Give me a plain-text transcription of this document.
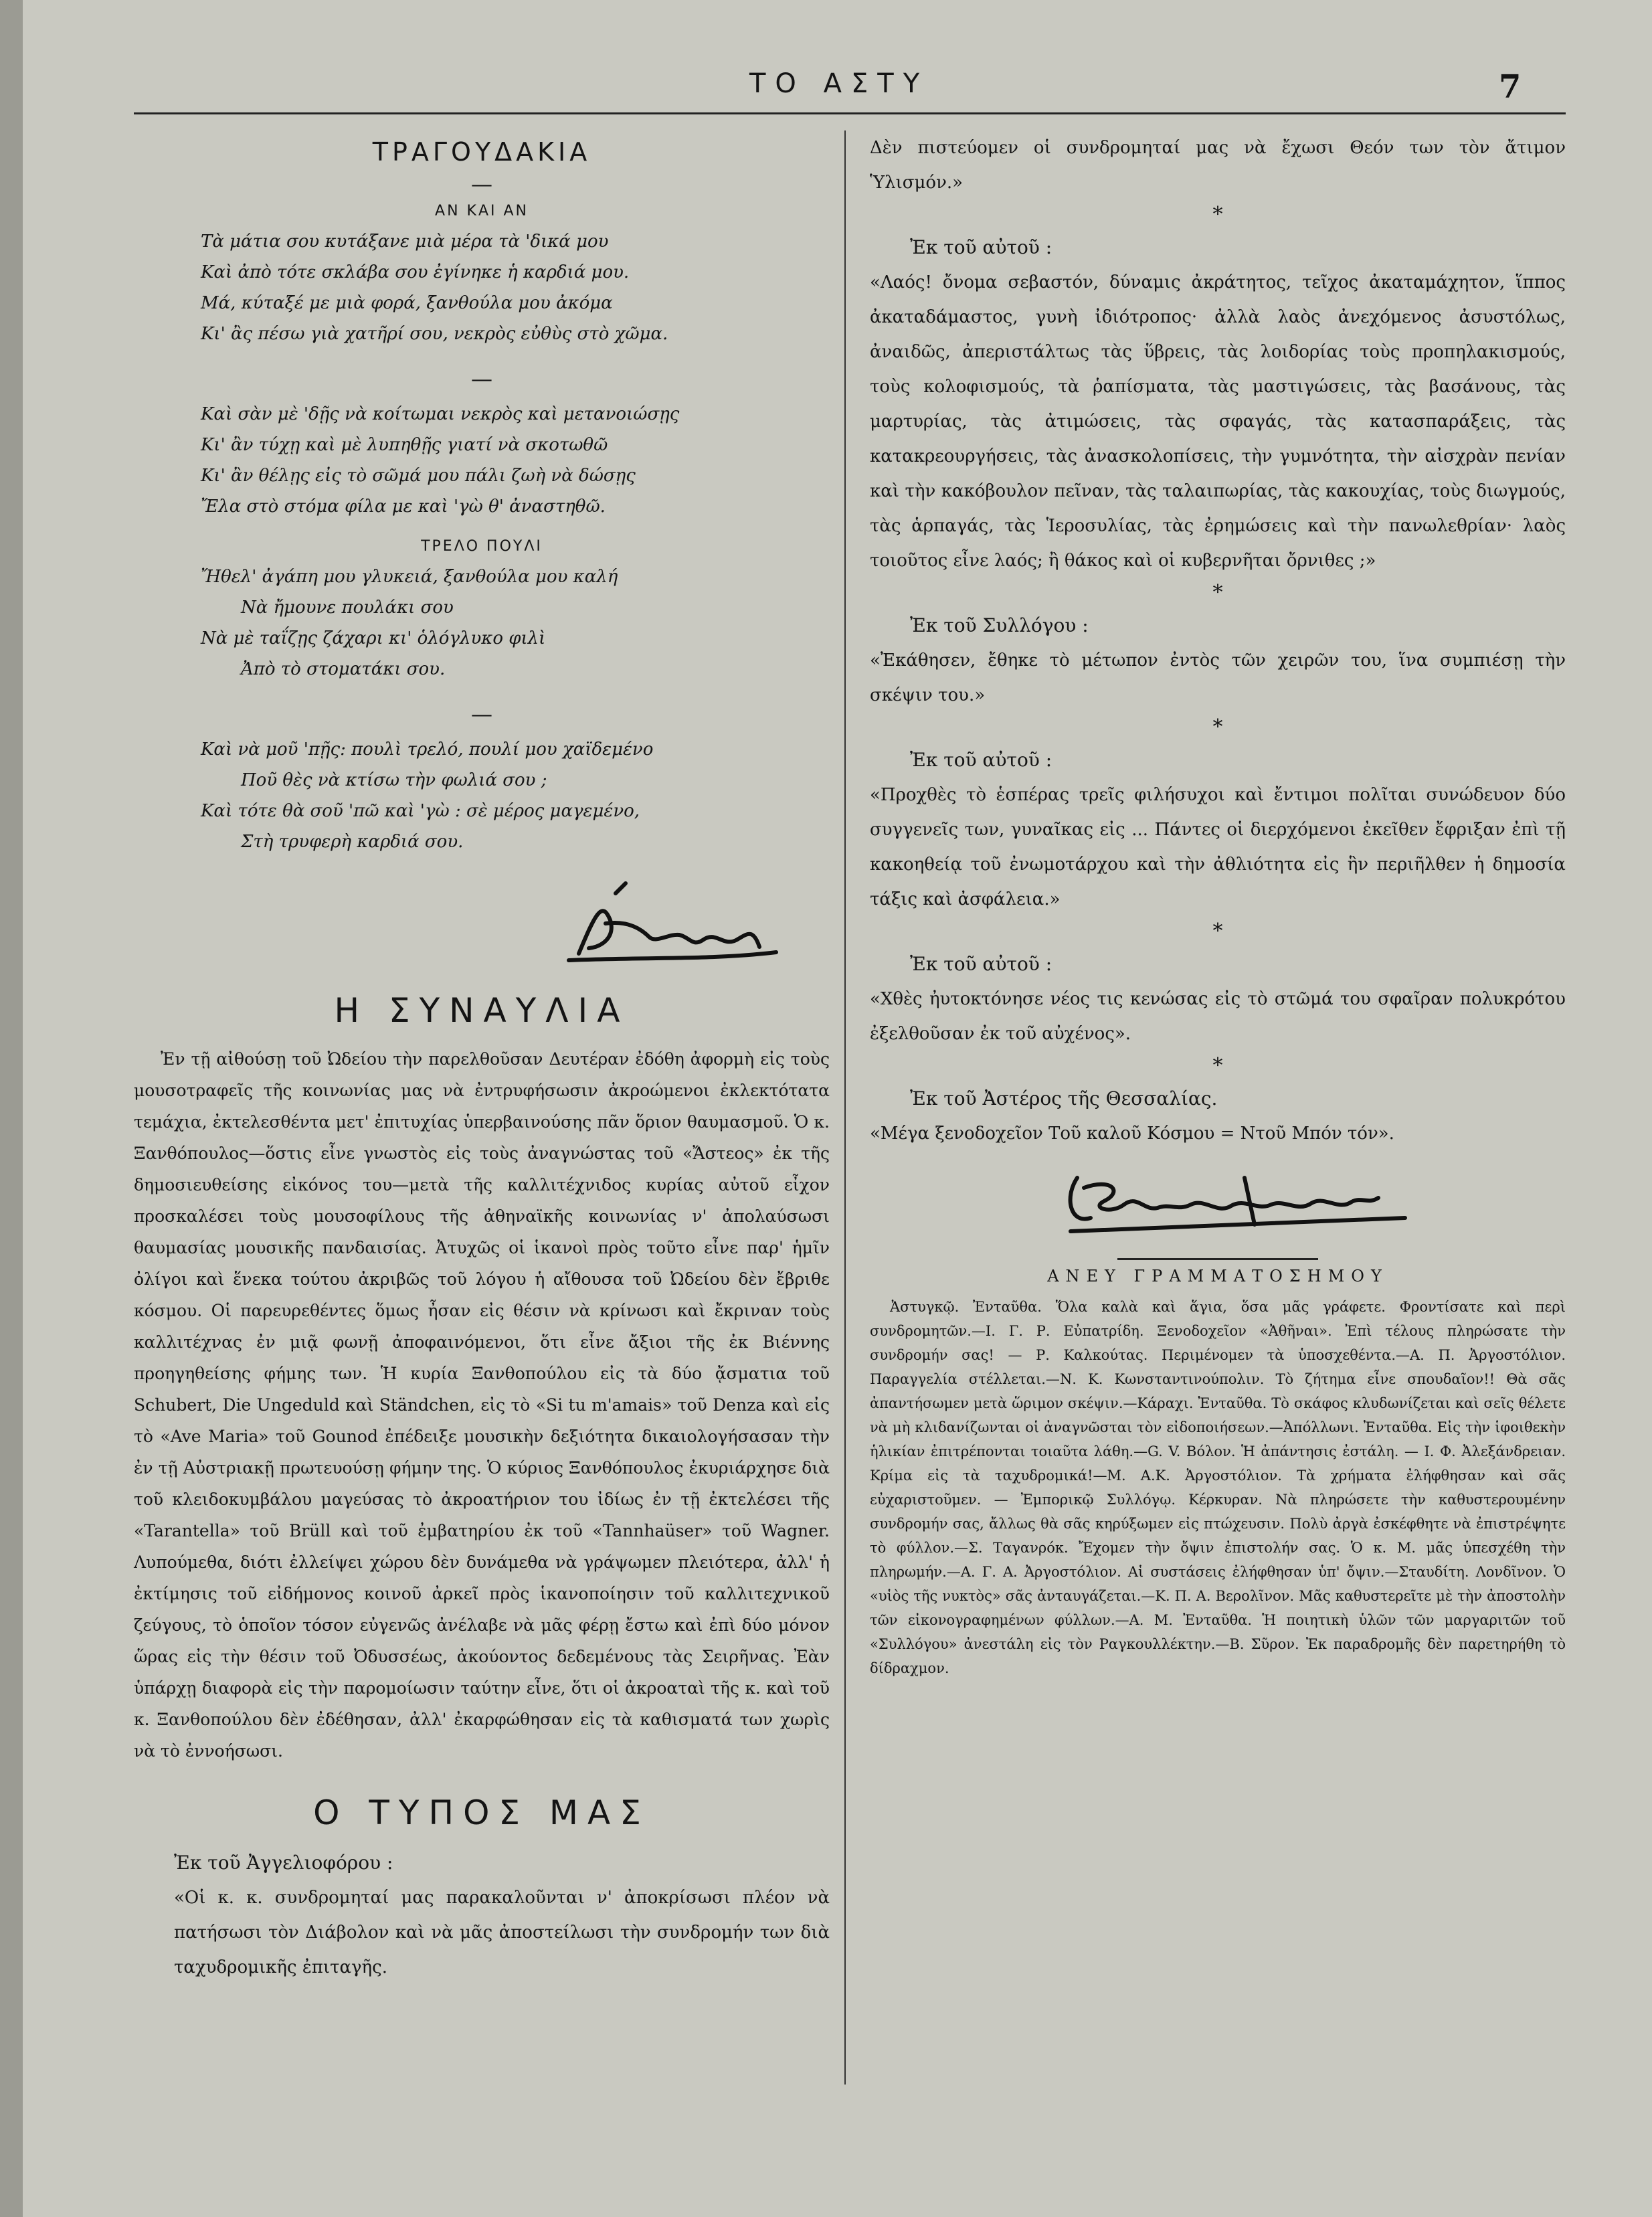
ΤΟ ΑΣΤΥ	7
ΤΡΑΓΟΥΔΑΚΙΑ
—
ΑΝ ΚΑΙ ΑΝ
Τὰ μάτια σου κυτάξανε μιὰ μέρα τὰ 'δικά μου
Καὶ ἀπὸ τότε σκλάβα σου ἐγίνηκε ἡ καρδιά μου.
Μά, κύταξέ με μιὰ φορά, ξανθούλα μου ἀκόμα
Κι' ἂς πέσω γιὰ χατῆρί σου, νεκρὸς εὐθὺς στὸ χῶμα.
—
Καὶ σὰν μὲ 'δῇς νὰ κοίτωμαι νεκρὸς καὶ μετανοιώσῃς
Κι' ἂν τύχῃ καὶ μὲ λυπηθῇς γιατί νὰ σκοτωθῶ
Κι' ἂν θέλῃς εἰς τὸ σῶμά μου πάλι ζωὴ νὰ δώσῃς
Ἔλα στὸ στόμα φίλα με καὶ 'γὼ θ' ἀναστηθῶ.
ΤΡΕΛΟ ΠΟΥΛΙ
Ἤθελ' ἀγάπη μου γλυκειά, ξανθούλα μου καλή
Νὰ ἤμουνε πουλάκι σου
Νὰ μὲ ταΐζῃς ζάχαρι κι' ὁλόγλυκο φιλὶ
Ἀπὸ τὸ στοματάκι σου.
—
Καὶ νὰ μοῦ 'πῇς: πουλὶ τρελό, πουλί μου χαϊδεμένο
Ποῦ θὲς νὰ κτίσω τὴν φωλιά σου ;
Καὶ τότε θὰ σοῦ 'πῶ καὶ 'γὼ : σὲ μέρος μαγεμένο,
Στὴ τρυφερὴ καρδιά σου.
Η ΣΥΝΑΥΛΙΑ

Ἐν τῇ αἰθούσῃ τοῦ Ὠδείου τὴν παρελθοῦσαν Δευτέραν ἐδόθη ἀφορμὴ εἰς τοὺς μουσοτραφεῖς τῆς κοινωνίας μας νὰ ἐντρυφήσωσιν ἀκροώμενοι ἐκλεκτότατα τεμάχια, ἐκτελεσθέντα μετ' ἐπιτυχίας ὑπερβαινούσης πᾶν ὅριον θαυμασμοῦ. Ὁ κ. Ξανθόπουλος—ὅστις εἶνε γνωστὸς εἰς τοὺς ἀναγνώστας τοῦ «Ἄστεος» ἐκ τῆς δημοσιευθείσης εἰκόνος του—μετὰ τῆς καλλιτέχνιδος κυρίας αὐτοῦ εἶχον προσκαλέσει τοὺς μουσοφίλους τῆς ἀθηναϊκῆς κοινωνίας ν' ἀπολαύσωσι θαυμασίας μουσικῆς πανδαισίας. Ἀτυχῶς οἱ ἱκανοὶ πρὸς τοῦτο εἶνε παρ' ἡμῖν ὀλίγοι καὶ ἕνεκα τούτου ἀκριβῶς τοῦ λόγου ἡ αἴθουσα τοῦ Ὠδείου δὲν ἔβριθε κόσμου. Οἱ παρευρεθέντες ὅμως ἦσαν εἰς θέσιν νὰ κρίνωσι καὶ ἔκριναν τοὺς καλλιτέχνας ἐν μιᾷ φωνῇ ἀποφαινόμενοι, ὅτι εἶνε ἄξιοι τῆς ἐκ Βιέννης προηγηθείσης φήμης των. Ἡ κυρία Ξανθοπούλου εἰς τὰ δύο ᾄσματια τοῦ Schubert, Die Ungeduld καὶ Ständchen, εἰς τὸ «Si tu m'amais» τοῦ Denza καὶ εἰς τὸ «Ave Maria» τοῦ Gounod ἐπέδειξε μουσικὴν δεξιότητα δικαιολογήσασαν τὴν ἐν τῇ Αὐστριακῇ πρωτευούσῃ φήμην της. Ὁ κύριος Ξανθόπουλος ἐκυριάρχησε διὰ τοῦ κλειδοκυμβάλου μαγεύσας τὸ ἀκροατήριον του ἰδίως ἐν τῇ ἐκτελέσει τῆς «Tarantella» τοῦ Brüll καὶ τοῦ ἐμβατηρίου ἐκ τοῦ «Tannhaüser» τοῦ Wagner. Λυπούμεθα, διότι ἐλλείψει χώρου δὲν δυνάμεθα νὰ γράψωμεν πλειότερα, ἀλλ' ἡ ἐκτίμησις τοῦ εἰδήμονος κοινοῦ ἀρκεῖ πρὸς ἱκανοποίησιν τοῦ καλλιτεχνικοῦ ζεύγους, τὸ ὁποῖον τόσον εὐγενῶς ἀνέλαβε νὰ μᾶς φέρῃ ἔστω καὶ ἐπὶ δύο μόνον ὥρας εἰς τὴν θέσιν τοῦ Ὀδυσσέως, ἀκούοντος δεδεμένους τὰς Σειρῆνας. Ἐὰν ὑπάρχῃ διαφορὰ εἰς τὴν παρομοίωσιν ταύτην εἶνε, ὅτι οἱ ἀκροαταὶ τῆς κ. καὶ τοῦ κ. Ξανθοπούλου δὲν ἐδέθησαν, ἀλλ' ἐκαρφώθησαν εἰς τὰ καθισματά των χωρὶς νὰ τὸ ἐννοήσωσι.

Ο ΤΥΠΟΣ ΜΑΣ
Ἐκ τοῦ Ἀγγελιοφόρου :

«Οἱ κ. κ. συνδρομηταί μας παρακαλοῦνται ν' ἀποκρίσωσι πλέον νὰ πατήσωσι τὸν Διάβολον καὶ νὰ μᾶς ἀποστείλωσι τὴν συνδρομήν των διὰ ταχυδρομικῆς ἐπιταγῆς.

Δὲν πιστεύομεν οἱ συνδρομηταί μας νὰ ἔχωσι Θεόν των τὸν ἄτιμον Ὑλισμόν.»

*
Ἐκ τοῦ αὐτοῦ :

«Λαός! ὄνομα σεβαστόν, δύναμις ἀκράτητος, τεῖχος ἀκαταμάχητον, ἵππος ἀκαταδάμαστος, γυνὴ ἰδιότροπος· ἀλλὰ λαὸς ἀνεχόμενος ἀσυστόλως, ἀναιδῶς, ἀπεριστάλτως τὰς ὕβρεις, τὰς λοιδορίας τοὺς προπηλακισμούς, τοὺς κολοφισμούς, τὰ ῥαπίσματα, τὰς μαστιγώσεις, τὰς βασάνους, τὰς μαρτυρίας, τὰς ἀτιμώσεις, τὰς σφαγάς, τὰς κατασπαράξεις, τὰς κατακρεουργήσεις, τὰς ἀνασκολοπίσεις, τὴν γυμνότητα, τὴν αἰσχρὰν πενίαν καὶ τὴν κακόβουλον πεῖναν, τὰς ταλαιπωρίας, τὰς κακουχίας, τοὺς διωγμούς, τὰς ἁρπαγάς, τὰς Ἱεροσυλίας, τὰς ἐρημώσεις καὶ τὴν πανωλεθρίαν· λαὸς τοιοῦτος εἶνε λαός; ἢ θάκος καὶ οἱ κυβερνῆται ὄρνιθες ;»

*
Ἐκ τοῦ Συλλόγου :

«Ἐκάθησεν, ἔθηκε τὸ μέτωπον ἐντὸς τῶν χειρῶν του, ἵνα συμπιέσῃ τὴν σκέψιν του.»

*
Ἐκ τοῦ αὐτοῦ :

«Προχθὲς τὸ ἑσπέρας τρεῖς φιλήσυχοι καὶ ἔντιμοι πολῖται συνώδευον δύο συγγενεῖς των, γυναῖκας εἰς ... Πάντες οἱ διερχόμενοι ἐκεῖθεν ἔφριξαν ἐπὶ τῇ κακοηθείᾳ τοῦ ἐνωμοτάρχου καὶ τὴν ἀθλιότητα εἰς ἣν περιῆλθεν ἡ δημοσία τάξις καὶ ἀσφάλεια.»

*
Ἐκ τοῦ αὐτοῦ :

«Χθὲς ἠυτοκτόνησε νέος τις κενώσας εἰς τὸ στῶμά του σφαῖραν πολυκρότου ἐξελθοῦσαν ἐκ τοῦ αὐχένος».

*
Ἐκ τοῦ Ἀστέρος τῆς Θεσσαλίας.

«Μέγα ξενοδοχεῖον Τοῦ καλοῦ Κόσμου = Ντοῦ Μπόν τόν».

ΑΝΕΥ ΓΡΑΜΜΑΤΟΣΗΜΟΥ

Ἀστυγκῷ. Ἐνταῦθα. Ὅλα καλὰ καὶ ἅγια, ὅσα μᾶς γράφετε. Φροντίσατε καὶ περὶ συνδρομητῶν.—Ι. Γ. Ρ. Εὐπατρίδη. Ξενοδοχεῖον «Ἀθῆναι». Ἐπὶ τέλους πληρώσατε τὴν συνδρομήν σας! — Ρ. Καλκούτας. Περιμένομεν τὰ ὑποσχεθέντα.—Α. Π. Ἀργοστόλιον. Παραγγελία στέλλεται.—Ν. Κ. Κωνσταντινούπολιν. Τὸ ζήτημα εἶνε σπουδαῖον!! Θὰ σᾶς ἀπαντήσωμεν μετὰ ὥριμον σκέψιν.—Κάραχι. Ἐνταῦθα. Τὸ σκάφος κλυδωνίζεται καὶ σεῖς θέλετε νὰ μὴ κλιδανίζωνται οἱ ἀναγνῶσται τὸν εἰδοποιήσεων.—Ἀπόλλωνι. Ἐνταῦθα. Εἰς τὴν ἱφοιθεκὴν ἡλικίαν ἐπιτρέπονται τοιαῦτα λάθη.—G. V. Βόλον. Ἡ ἀπάντησις ἐστάλη. — Ι. Φ. Ἀλεξάνδρειαν. Κρίμα εἰς τὰ ταχυδρομικά!—Μ. Α.Κ. Ἀργοστόλιον. Τὰ χρήματα ἐλήφθησαν καὶ σᾶς εὐχαριστοῦμεν. — Ἐμπορικῷ Συλλόγῳ. Κέρκυραν. Νὰ πληρώσετε τὴν καθυστερουμένην συνδρομήν σας, ἄλλως θὰ σᾶς κηρύξωμεν εἰς πτώχευσιν. Πολὺ ἀργὰ ἐσκέφθητε νὰ ἐπιστρέψητε τὸ φύλλον.—Σ. Ταγανρόκ. Ἔχομεν τὴν ὄψιν ἐπιστολήν σας. Ὁ κ. Μ. μᾶς ὑπεσχέθη τὴν πληρωμήν.—Α. Γ. Α. Ἀργοστόλιον. Αἱ συστάσεις ἐλήφθησαν ὑπ' ὄψιν.—Σταυδίτη. Λονδῖνον. Ὁ «υἱὸς τῆς νυκτὸς» σᾶς ἀνταυγάζεται.—Κ. Π. Α. Βερολῖνον. Μᾶς καθυστερεῖτε μὲ τὴν ἀποστολὴν τῶν εἰκονογραφημένων φύλλων.—Α. Μ. Ἐνταῦθα. Ἡ ποιητικὴ ὑλῶν τῶν μαργαριτῶν τοῦ «Συλλόγου» ἀνεστάλη εἰς τὸν Ραγκουλλέκτην.—Β. Σῦρον. Ἐκ παραδρομῆς δὲν παρετηρήθη τὸ δίδραχμον.
